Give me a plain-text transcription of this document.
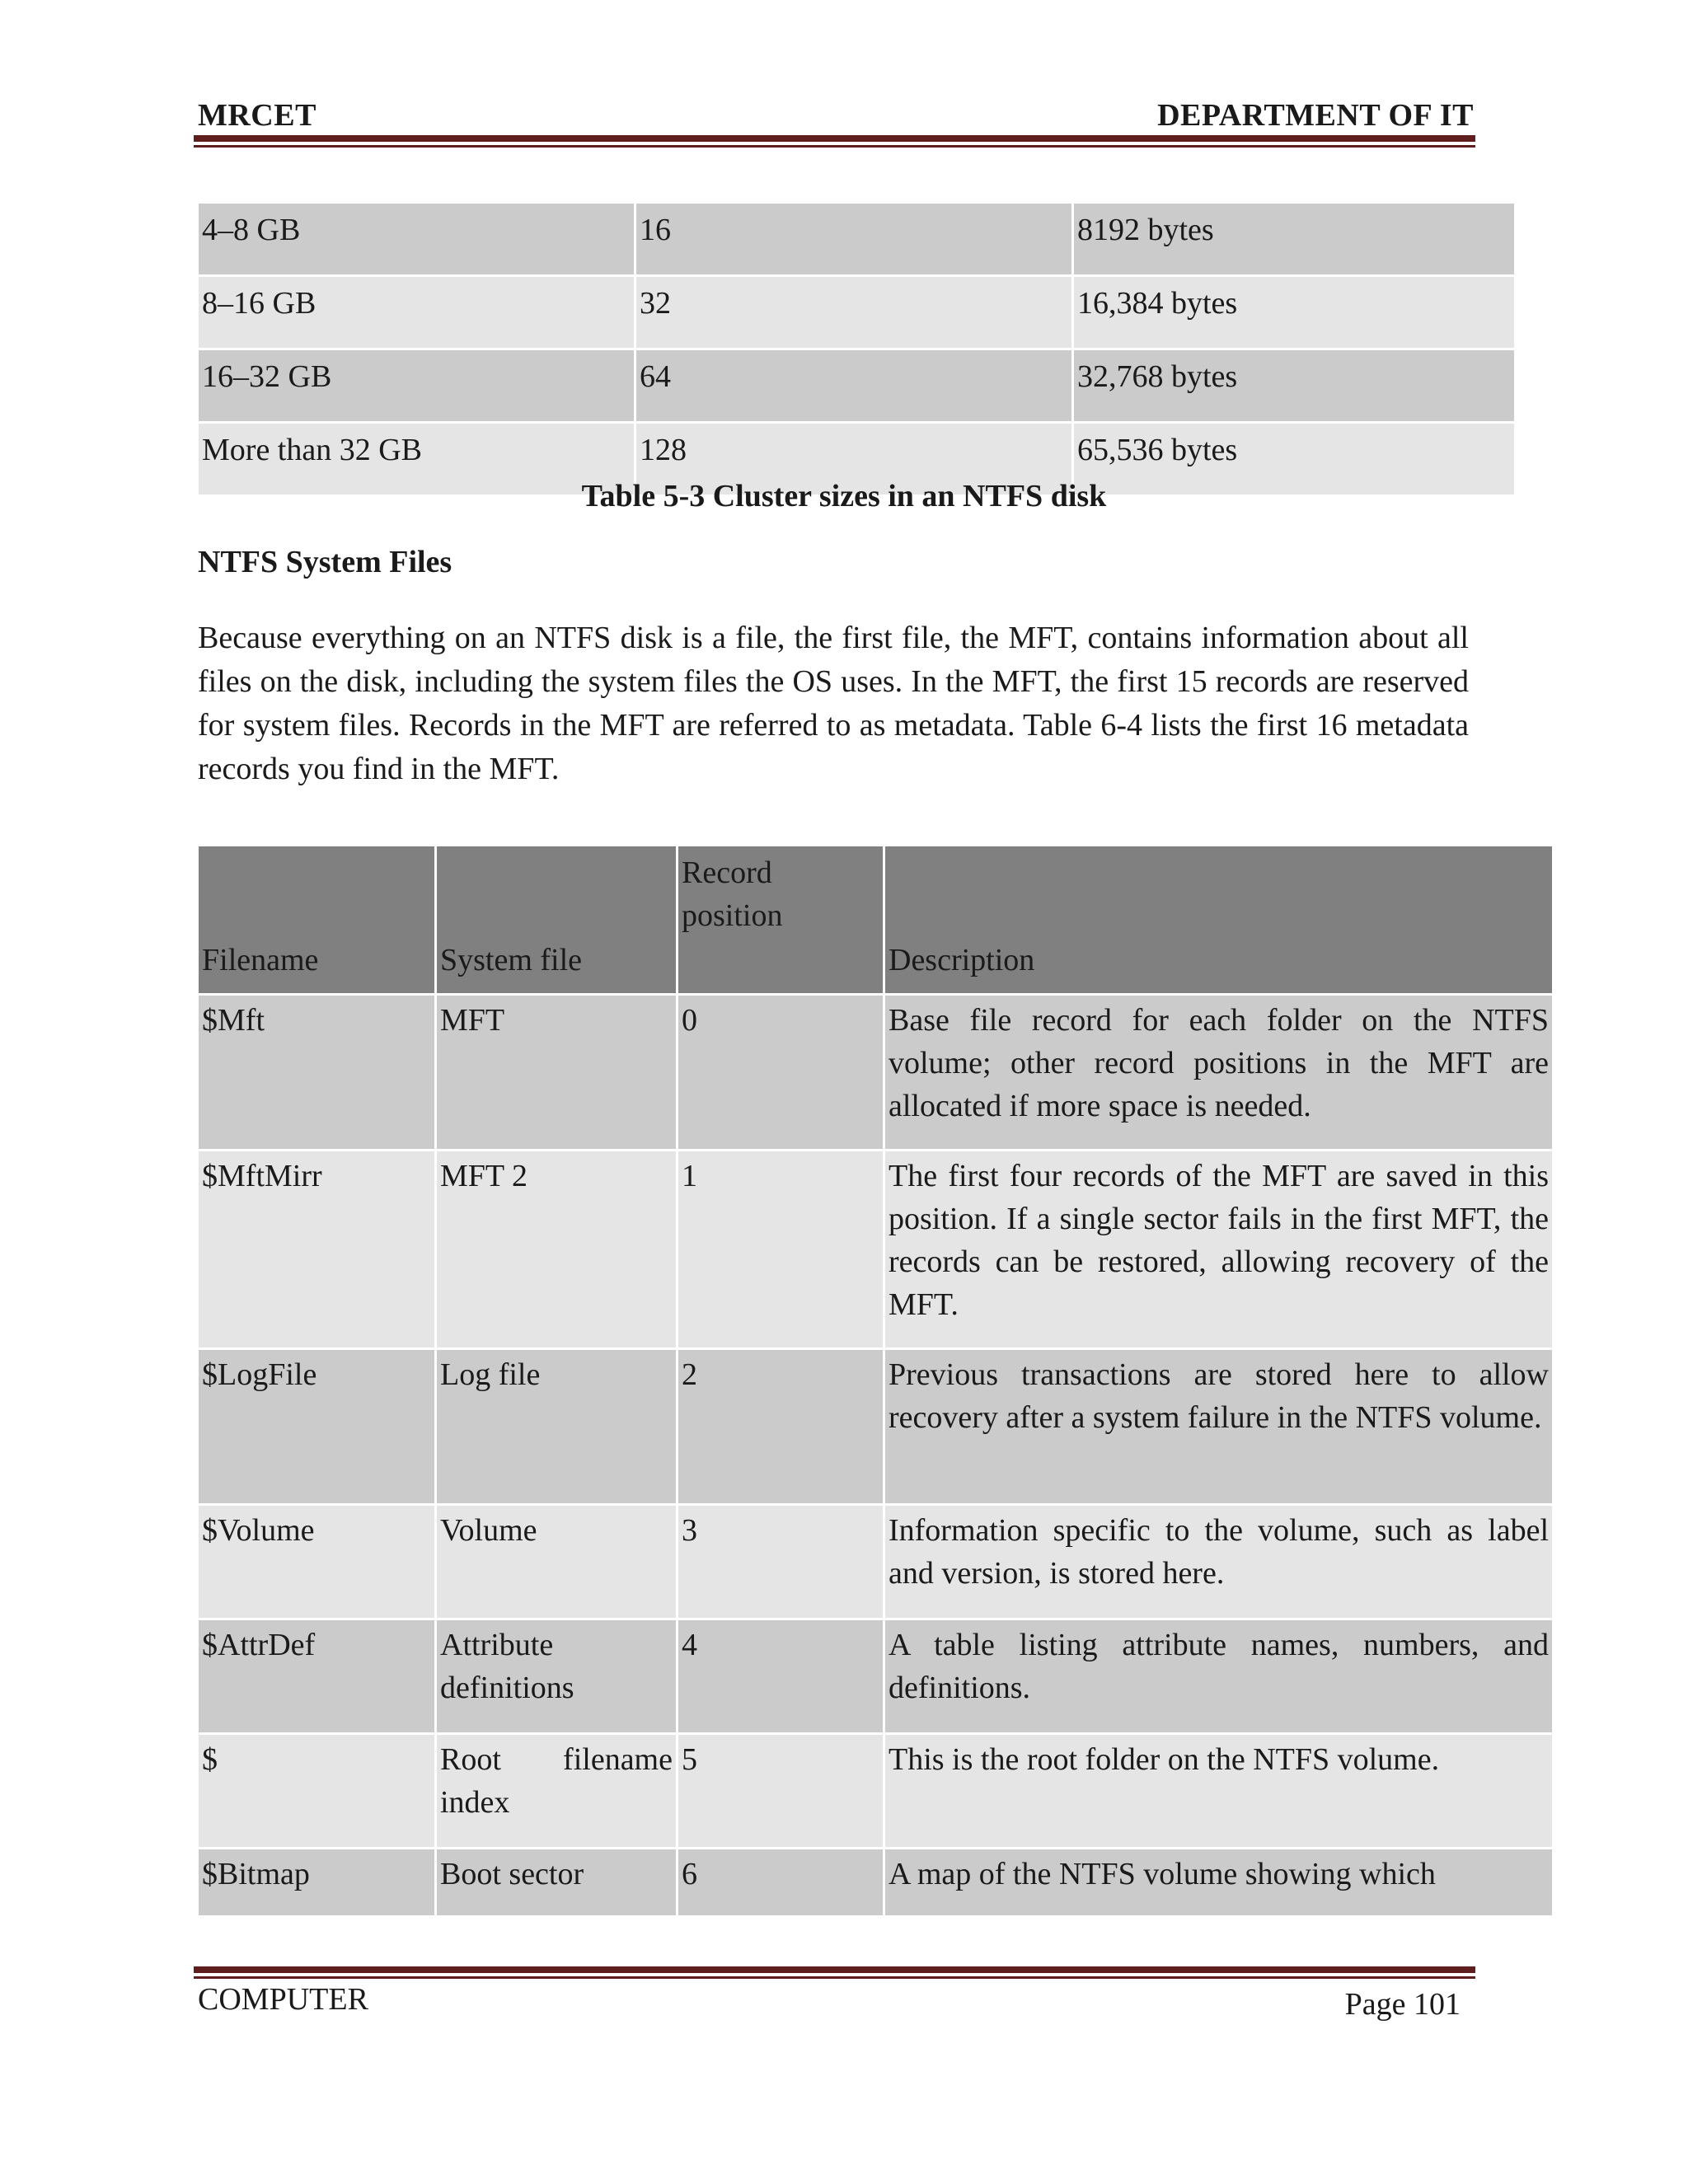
MRCET	DEPARTMENT OF IT
4–8 GB	16	8192 bytes
8–16 GB	32	16,384 bytes
16–32 GB	64	32,768 bytes
More than 32 GB	128	65,536 bytes
Table 5-3 Cluster sizes in an NTFS disk
NTFS System Files

Because everything on an NTFS disk is a file, the first file, the MFT, contains information about all files on the disk, including the system files the OS uses. In the MFT, the first 15 records are reserved for system files. Records in the MFT are referred to as metadata. Table 6-4 lists the first 16 metadata records you find in the MFT.

Filename	System file	Record position	Description
$Mft	MFT	0	Base file record for each folder on the NTFS volume; other record positions in the MFT are allocated if more space is needed.
$MftMirr	MFT 2	1	The first four records of the MFT are saved in this position. If a single sector fails in the first MFT, the records can be restored, allowing recovery of the MFT.
$LogFile	Log file	2	Previous transactions are stored here to allow recovery after a system failure in the NTFS volume.
$Volume	Volume	3	Information specific to the volume, such as label and version, is stored here.
$AttrDef	Attribute definitions	4	A table listing attribute names, numbers, and definitions.
$	Root filename index	5	This is the root folder on the NTFS volume.
$Bitmap	Boot sector	6	A map of the NTFS volume showing which
COMPUTER	Page 101
